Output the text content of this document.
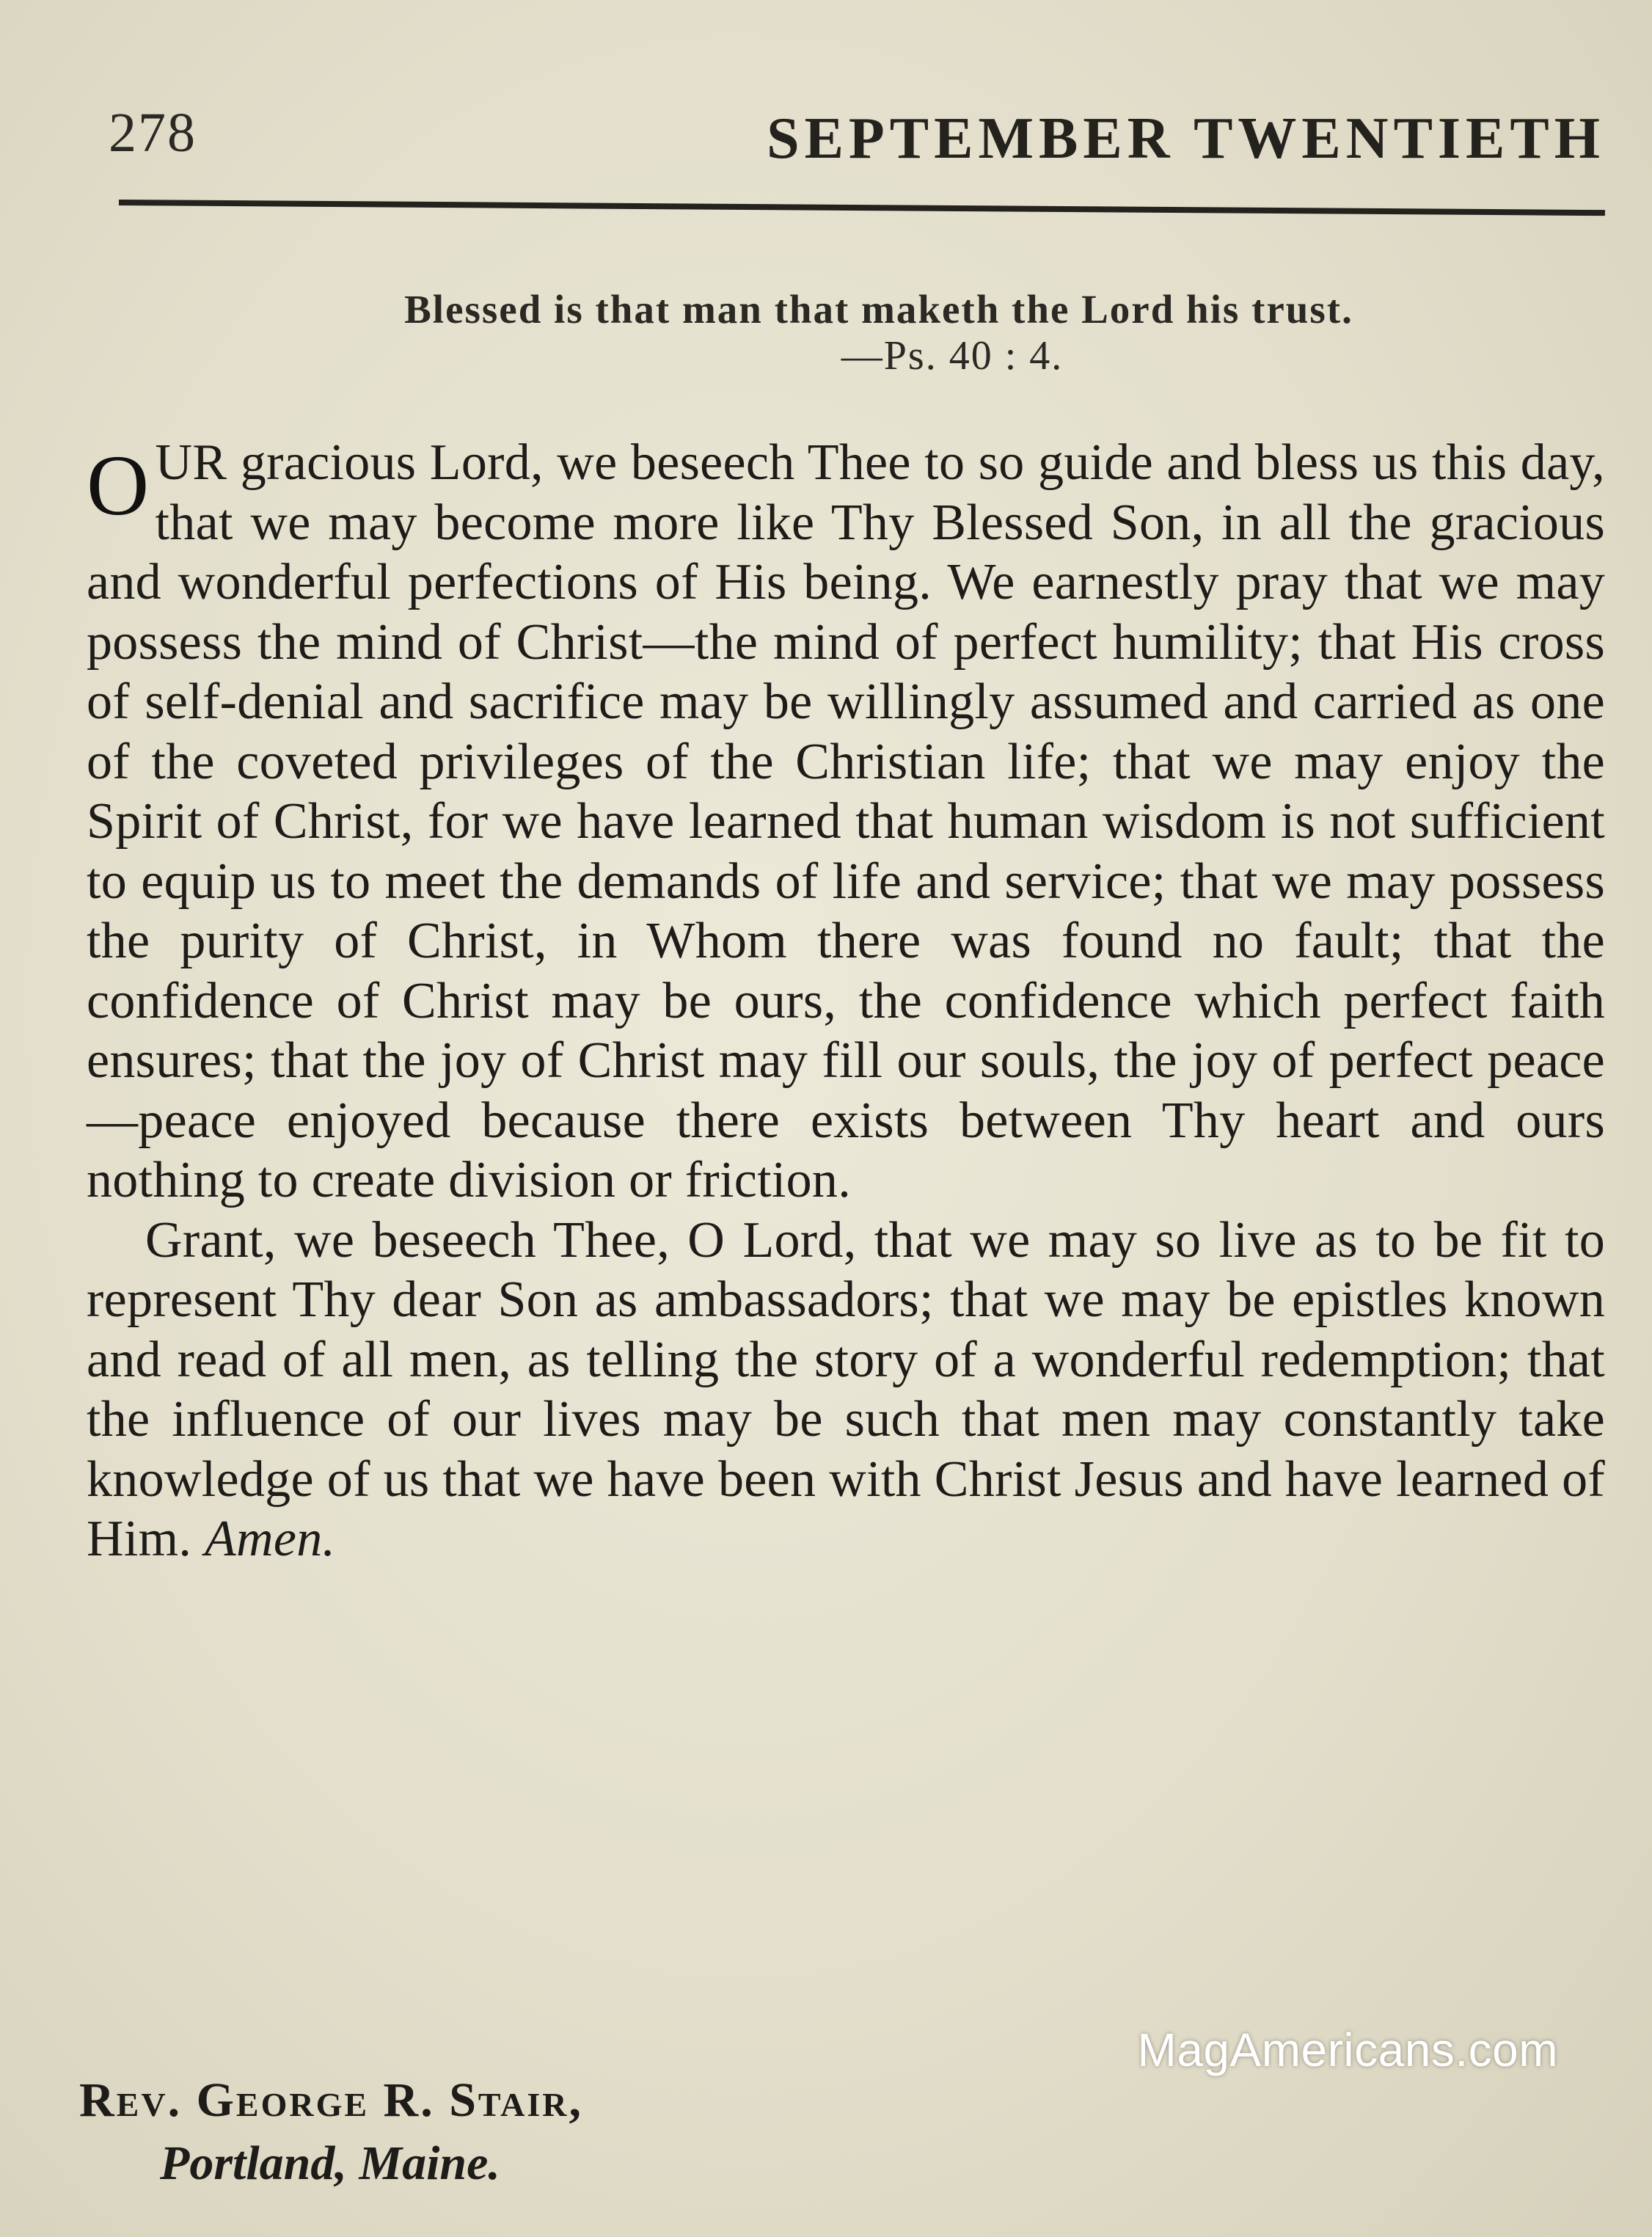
278	SEPTEMBER TWENTIETH

Blessed is that man that maketh the Lord his trust.

—Ps. 40 : 4.

OUR gracious Lord, we beseech Thee to so guide and bless us this day, that we may become more like Thy Blessed Son, in all the gracious and wonderful perfections of His being. We earnestly pray that we may possess the mind of Christ—the mind of perfect humility; that His cross of self-denial and sacrifice may be willingly assumed and carried as one of the coveted privileges of the Christian life; that we may enjoy the Spirit of Christ, for we have learned that human wisdom is not sufficient to equip us to meet the demands of life and service; that we may possess the purity of Christ, in Whom there was found no fault; that the confidence of Christ may be ours, the confidence which perfect faith ensures; that the joy of Christ may fill our souls, the joy of perfect peace—peace enjoyed because there exists between Thy heart and ours nothing to create division or friction.

Grant, we beseech Thee, O Lord, that we may so live as to be fit to represent Thy dear Son as ambassadors; that we may be epistles known and read of all men, as telling the story of a wonderful redemption; that the influence of our lives may be such that men may constantly take knowledge of us that we have been with Christ Jesus and have learned of Him. Amen.

Rev. George R. Stair,

Portland, Maine.

MagAmericans.com
